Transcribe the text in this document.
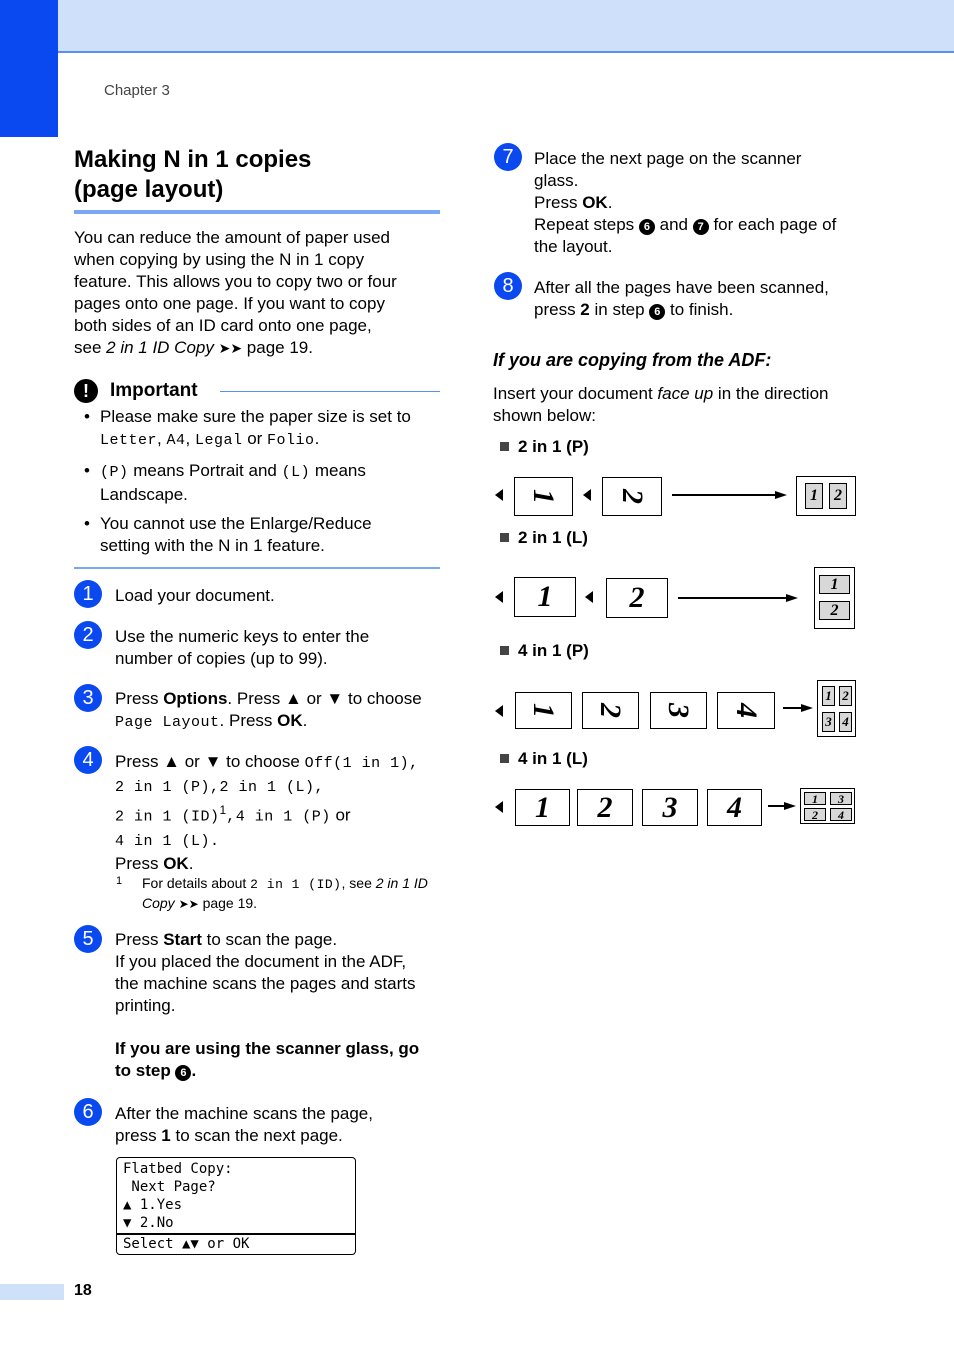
Chapter 3
Making N in 1 copies
(page layout)
You can reduce the amount of paper used
when copying by using the N in 1 copy
feature. This allows you to copy two or four
pages onto one page. If you want to copy
both sides of an ID card onto one page,
see 2 in 1 ID Copy ➤➤ page 19.
!	Important
• Please make sure the paper size is set to
Letter, A4, Legal or Folio.
• (P) means Portrait and (L) means
Landscape.
• You cannot use the Enlarge/Reduce
setting with the N in 1 feature.
1	Load your document.
2	Use the numeric keys to enter the
number of copies (up to 99).
3	Press Options. Press ▲ or ▼ to choose
Page Layout. Press OK.
4	Press ▲ or ▼ to choose Off(1 in 1),
2 in 1 (P),2 in 1 (L),
2 in 1 (ID)$^1$,4 in 1 (P) or
4 in 1 (L).
Press OK.
1 For details about 2 in 1 (ID), see 2 in 1 ID
Copy ➤➤ page 19.
5	Press Start to scan the page.
If you placed the document in the ADF,
the machine scans the pages and starts
printing.
If you are using the scanner glass, go
to step 6 .
6	After the machine scans the page,
press 1 to scan the next page.
Flatbed Copy:
Next Page?
▲ 1.Yes
▼ 2.No
Select ▲▼ or OK
7	Place the next page on the scanner
glass.
Press OK.
Repeat steps 6 and 7 for each page of
the layout.
8	After all the pages have been scanned,
press 2 in step 6 to finish.
If you are copying from the ADF:
Insert your document face up in the direction
shown below:
2 in 1 (P)
1	2	1	2
2 in 1 (L)
1	2	1
2
4 in 1 (P)
1	2	3	4
1 2
3 4
4 in 1 (L)
1	2	3	4	1	3
2	4
18
